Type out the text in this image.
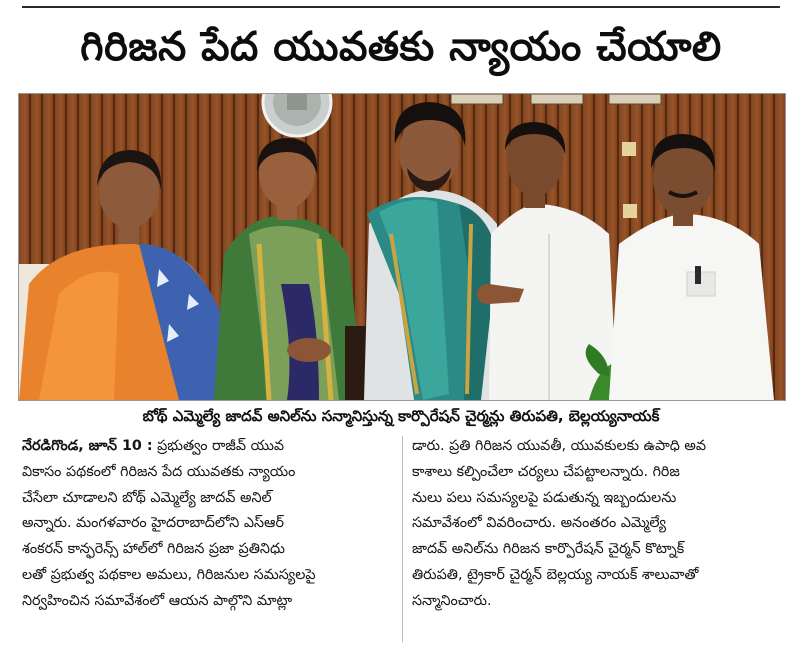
గిరిజన పేద యువతకు న్యాయం చేయాలి
బోథ్ ఎమ్మెల్యే జాదవ్ అనిల్‌ను సన్మానిస్తున్న కార్పొరేషన్ చైర్మన్లు తిరుపతి, బెల్లయ్యనాయక్
నేరడిగొండ, జూన్ 10 : ప్రభుత్వం రాజీవ్ యువ
వికాసం పథకంలో గిరిజన పేద యువతకు న్యాయం
చేసేలా చూడాలని బోథ్ ఎమ్మెల్యే జాదవ్ అనిల్
అన్నారు. మంగళవారం హైదరాబాద్‌లోని ఎస్ఆర్
శంకరన్ కాన్ఫరెన్స్ హాల్‌లో గిరిజన ప్రజా ప్రతినిధు
లతో ప్రభుత్వ పథకాల అమలు, గిరిజనుల సమస్యలపై
నిర్వహించిన సమావేశంలో ఆయన పాల్గొని మాట్లా
డారు. ప్రతి గిరిజన యువతీ, యువకులకు ఉపాధి అవ
కాశాలు కల్పించేలా చర్యలు చేపట్టాలన్నారు. గిరిజ
నులు పలు సమస్యలపై పడుతున్న ఇబ్బందులను
సమావేశంలో వివరించారు. అనంతరం ఎమ్మెల్యే
జాదవ్ అనిల్‌ను గిరిజన కార్పొరేషన్ చైర్మన్ కొట్నాక్
తిరుపతి, ట్రైకార్ చైర్మన్ బెల్లయ్య నాయక్ శాలువాతో
సన్మానించారు.
